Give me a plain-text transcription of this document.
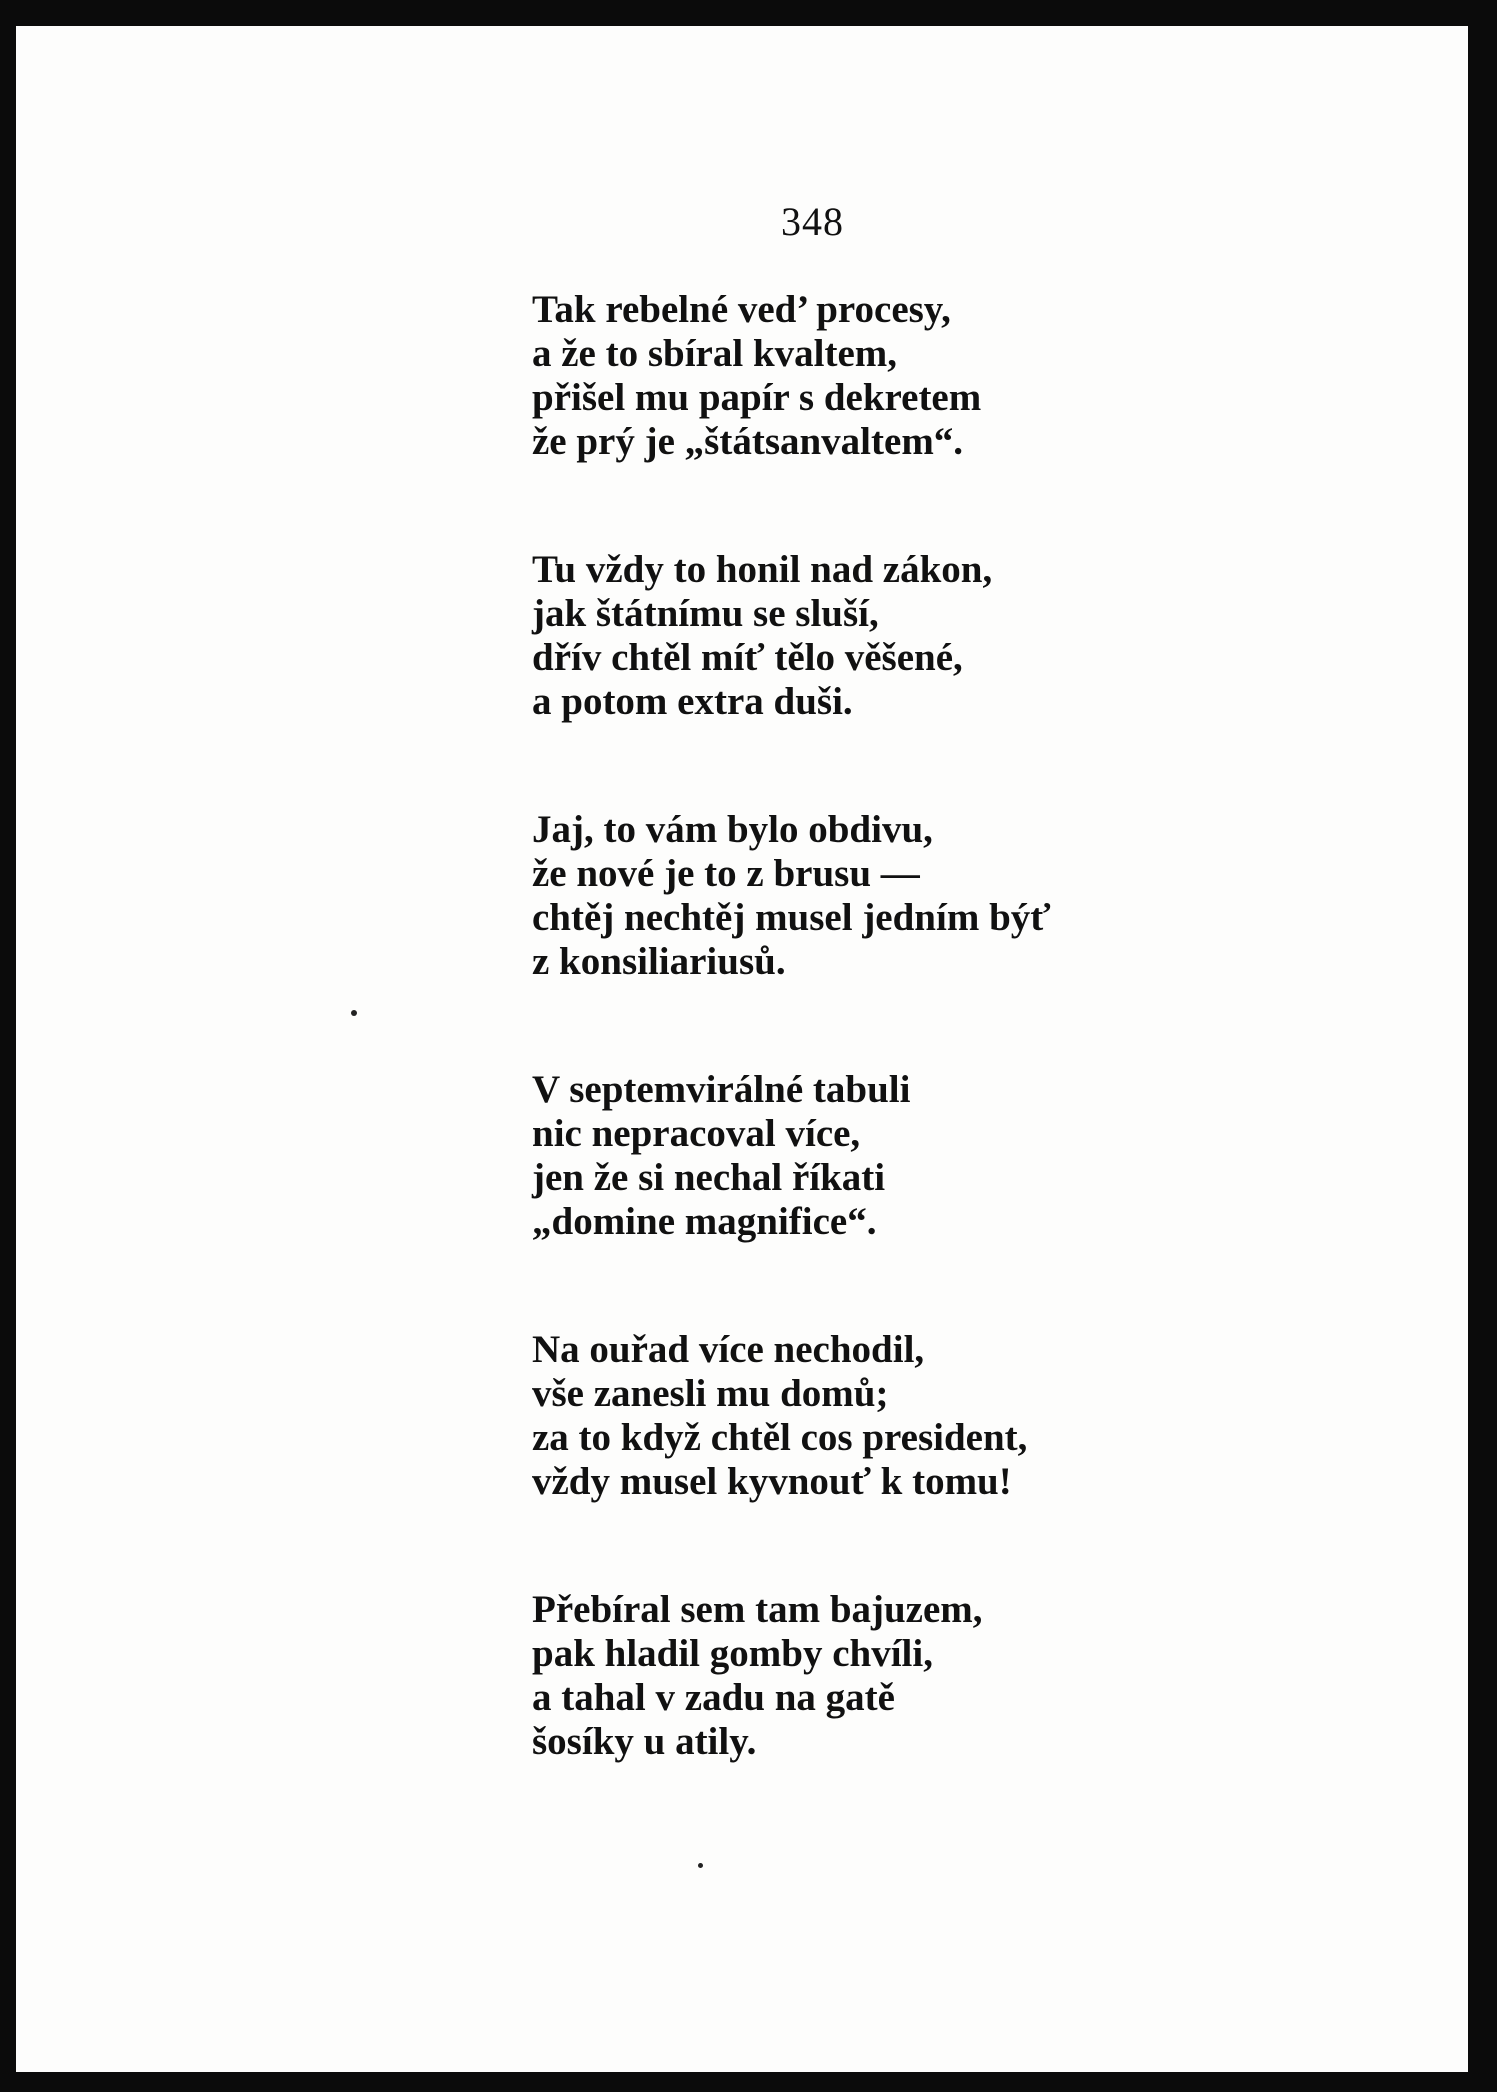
348
Tak rebelné ved’ procesy,
a že to sbíral kvaltem,
přišel mu papír s dekretem
že prý je „štátsanvaltem“.
Tu vždy to honil nad zákon,
jak štátnímu se sluší,
dřív chtěl míť tělo věšené,
a potom extra duši.
Jaj, to vám bylo obdivu,
že nové je to z brusu —
chtěj nechtěj musel jedním býť
z konsiliariusů.
V septemvirálné tabuli
nic nepracoval více,
jen že si nechal říkati
„domine magnifice“.
Na ouřad více nechodil,
vše zanesli mu domů;
za to když chtěl cos president,
vždy musel kyvnouť k tomu!
Přebíral sem tam bajuzem,
pak hladil gomby chvíli,
a tahal v zadu na gatě
šosíky u atily.
